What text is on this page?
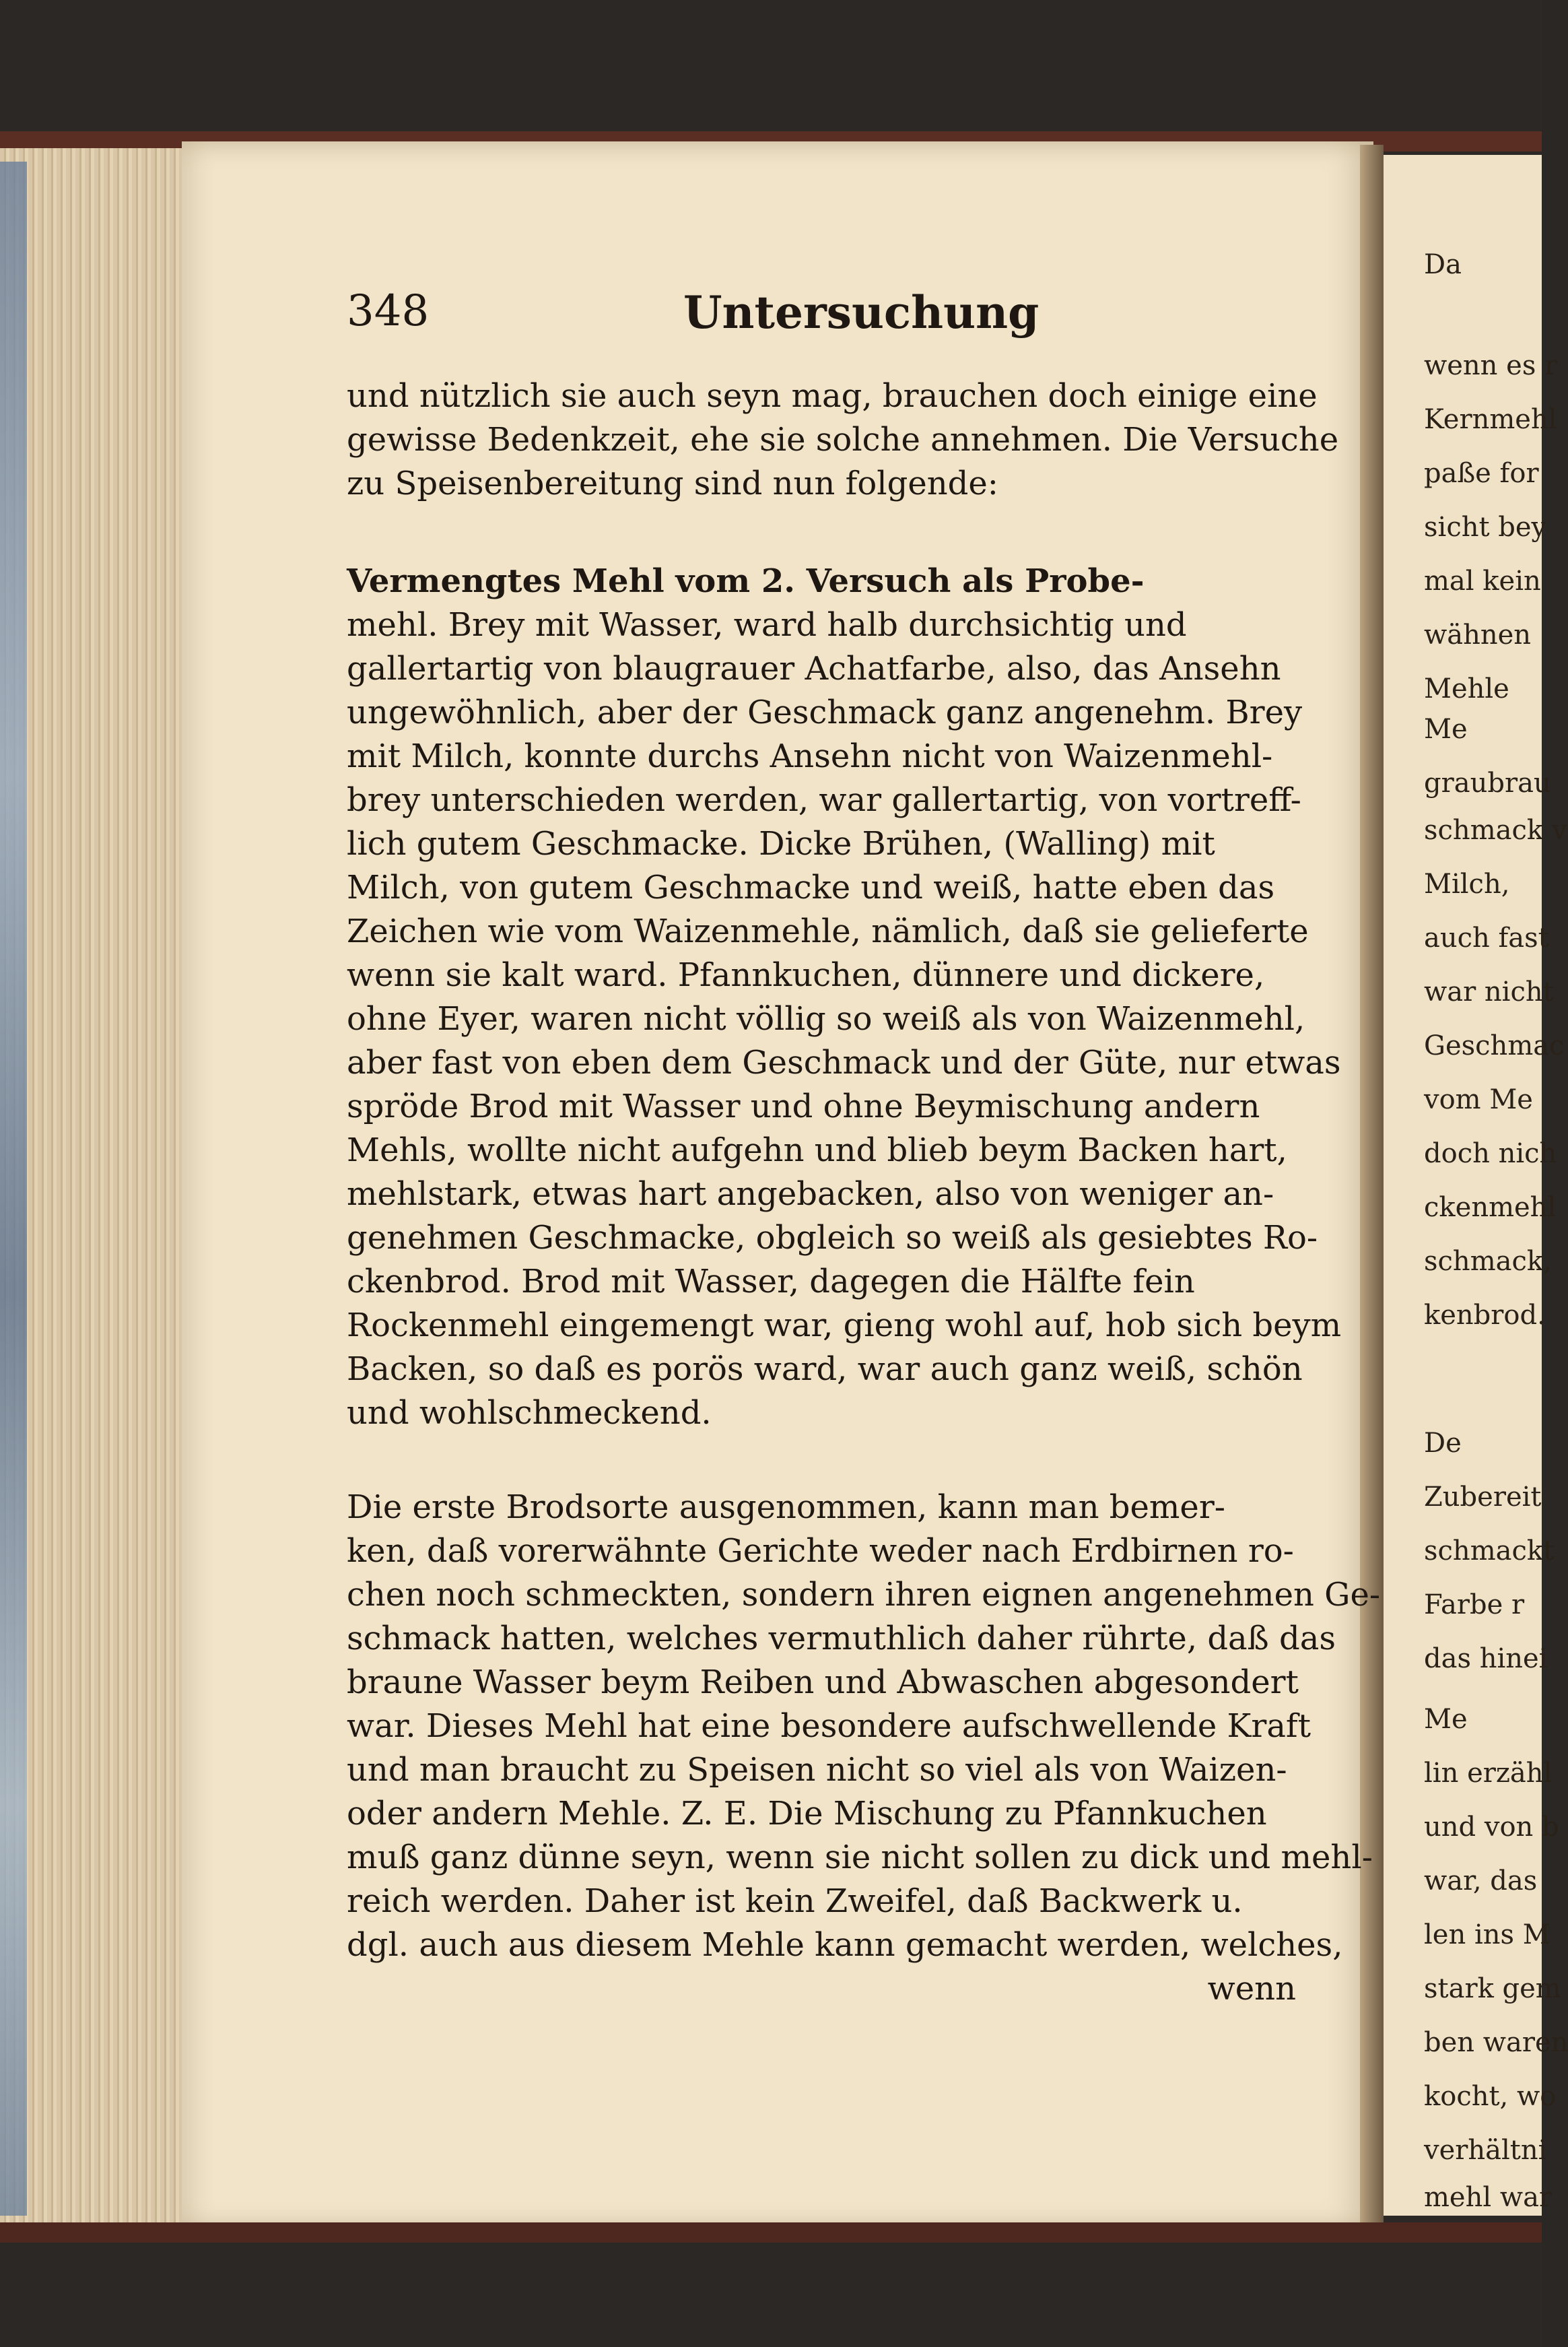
Da
wenn es r
Kernmehl
paße for
sicht bey
mal kein
wähnen
Mehle
Me
graubrau
schmack v
Milch,
auch fast
war nicht
Geschmac
vom Me
doch nich
ckenmehl
schmack,
kenbrod.
De
Zubereit
schmackt
Farbe r
das hinei
Me
lin erzähl
und von b
war, das
len ins M
stark gem
ben waren
kocht, wo
verhältni
mehl war
348	Untersuchung
und nützlich sie auch seyn mag, brauchen doch einige eine
gewisse Bedenkzeit, ehe sie solche annehmen. Die Versuche
zu Speisenbereitung sind nun folgende:
Vermengtes Mehl vom 2. Versuch als Probe-
mehl. Brey mit Wasser, ward halb durchsichtig und
gallertartig von blaugrauer Achatfarbe, also, das Ansehn
ungewöhnlich, aber der Geschmack ganz angenehm. Brey
mit Milch, konnte durchs Ansehn nicht von Waizenmehl-
brey unterschieden werden, war gallertartig, von vortreff-
lich gutem Geschmacke. Dicke Brühen, (Walling) mit
Milch, von gutem Geschmacke und weiß, hatte eben das
Zeichen wie vom Waizenmehle, nämlich, daß sie gelieferte
wenn sie kalt ward. Pfannkuchen, dünnere und dickere,
ohne Eyer, waren nicht völlig so weiß als von Waizenmehl,
aber fast von eben dem Geschmack und der Güte, nur etwas
spröde Brod mit Wasser und ohne Beymischung andern
Mehls, wollte nicht aufgehn und blieb beym Backen hart,
mehlstark, etwas hart angebacken, also von weniger an-
genehmen Geschmacke, obgleich so weiß als gesiebtes Ro-
ckenbrod. Brod mit Wasser, dagegen die Hälfte fein
Rockenmehl eingemengt war, gieng wohl auf, hob sich beym
Backen, so daß es porös ward, war auch ganz weiß, schön
und wohlschmeckend.
Die erste Brodsorte ausgenommen, kann man bemer-
ken, daß vorerwähnte Gerichte weder nach Erdbirnen ro-
chen noch schmeckten, sondern ihren eignen angenehmen Ge-
schmack hatten, welches vermuthlich daher rührte, daß das
braune Wasser beym Reiben und Abwaschen abgesondert
war. Dieses Mehl hat eine besondere aufschwellende Kraft
und man braucht zu Speisen nicht so viel als von Waizen-
oder andern Mehle. Z. E. Die Mischung zu Pfannkuchen
muß ganz dünne seyn, wenn sie nicht sollen zu dick und mehl-
reich werden. Daher ist kein Zweifel, daß Backwerk u.
dgl. auch aus diesem Mehle kann gemacht werden, welches,
wenn
